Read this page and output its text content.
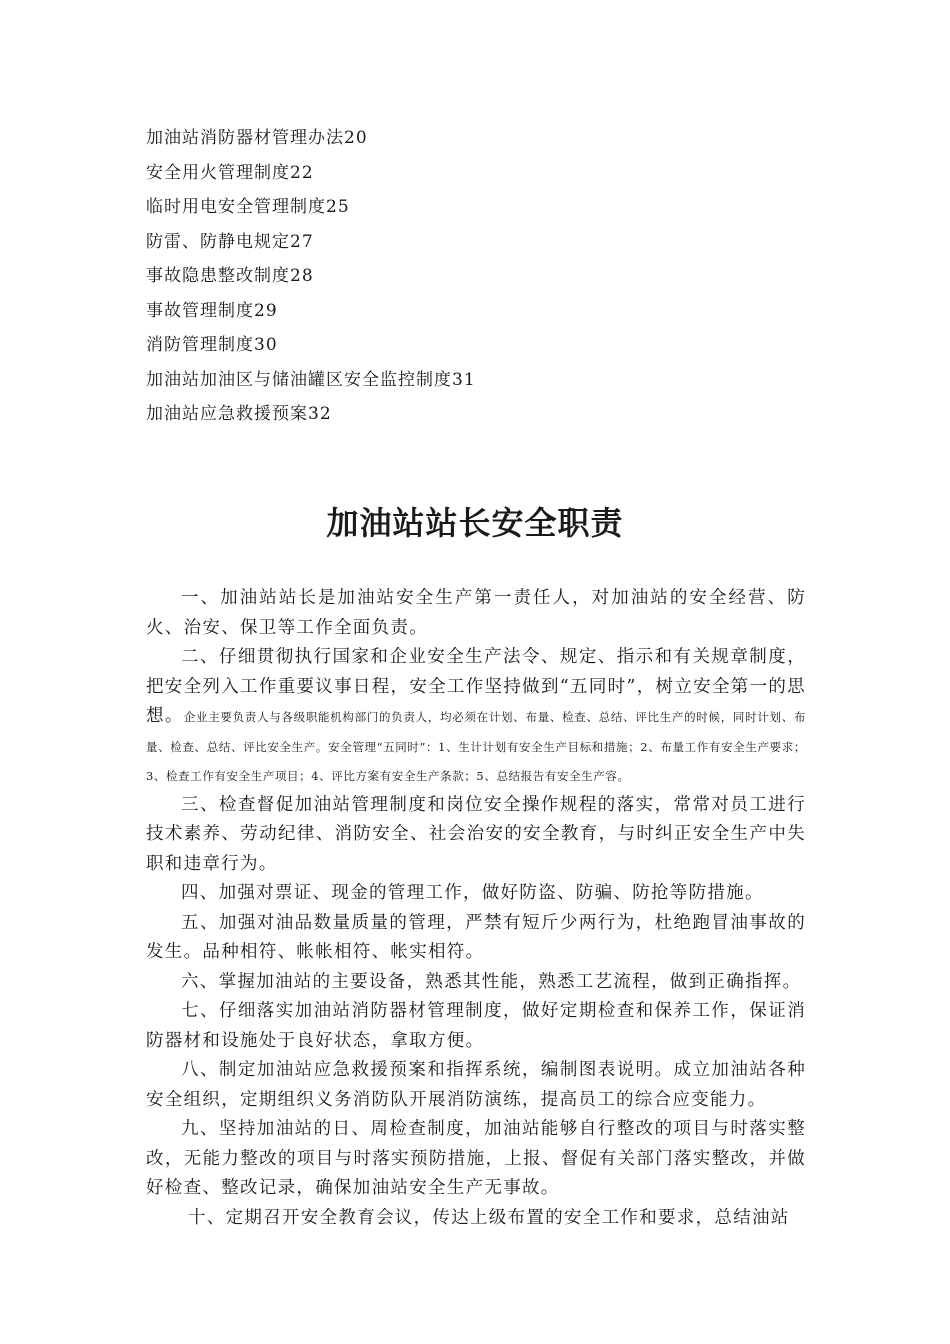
加油站消防器材管理办法20
安全用火管理制度22
临时用电安全管理制度25
防雷、防静电规定27
事故隐患整改制度28
事故管理制度29
消防管理制度30
加油站加油区与储油罐区安全监控制度31
加油站应急救援预案32
加油站站长安全职责

一、加油站站长是加油站安全生产第一责任人，对加油站的安全经营、防火、治安、保卫等工作全面负责。

二、仔细贯彻执行国家和企业安全生产法令、规定、指示和有关规章制度，把安全列入工作重要议事日程，安全工作坚持做到“五同时”，树立安全第一的思想。企业主要负责人与各级职能机构部门的负责人，均必须在计划、布量、检查、总结、评比生产的时候，同时计划、布量、检查、总结、评比安全生产。安全管理“五同时”：1、生计计划有安全生产目标和措施；2、布量工作有安全生产要求；3、检查工作有安全生产项目；4、评比方案有安全生产条款；5、总结报告有安全生产容。

三、检查督促加油站管理制度和岗位安全操作规程的落实，常常对员工进行技术素养、劳动纪律、消防安全、社会治安的安全教育，与时纠正安全生产中失职和违章行为。

四、加强对票证、现金的管理工作，做好防盗、防骗、防抢等防措施。

五、加强对油品数量质量的管理，严禁有短斤少两行为，杜绝跑冒油事故的发生。品种相符、帐帐相符、帐实相符。

六、掌握加油站的主要设备，熟悉其性能，熟悉工艺流程，做到正确指挥。

七、仔细落实加油站消防器材管理制度，做好定期检查和保养工作，保证消防器材和设施处于良好状态，拿取方便。

八、制定加油站应急救援预案和指挥系统，编制图表说明。成立加油站各种安全组织，定期组织义务消防队开展消防演练，提高员工的综合应变能力。

九、坚持加油站的日、周检查制度，加油站能够自行整改的项目与时落实整改，无能力整改的项目与时落实预防措施，上报、督促有关部门落实整改，并做好检查、整改记录，确保加油站安全生产无事故。

十、定期召开安全教育会议，传达上级布置的安全工作和要求，总结油站
